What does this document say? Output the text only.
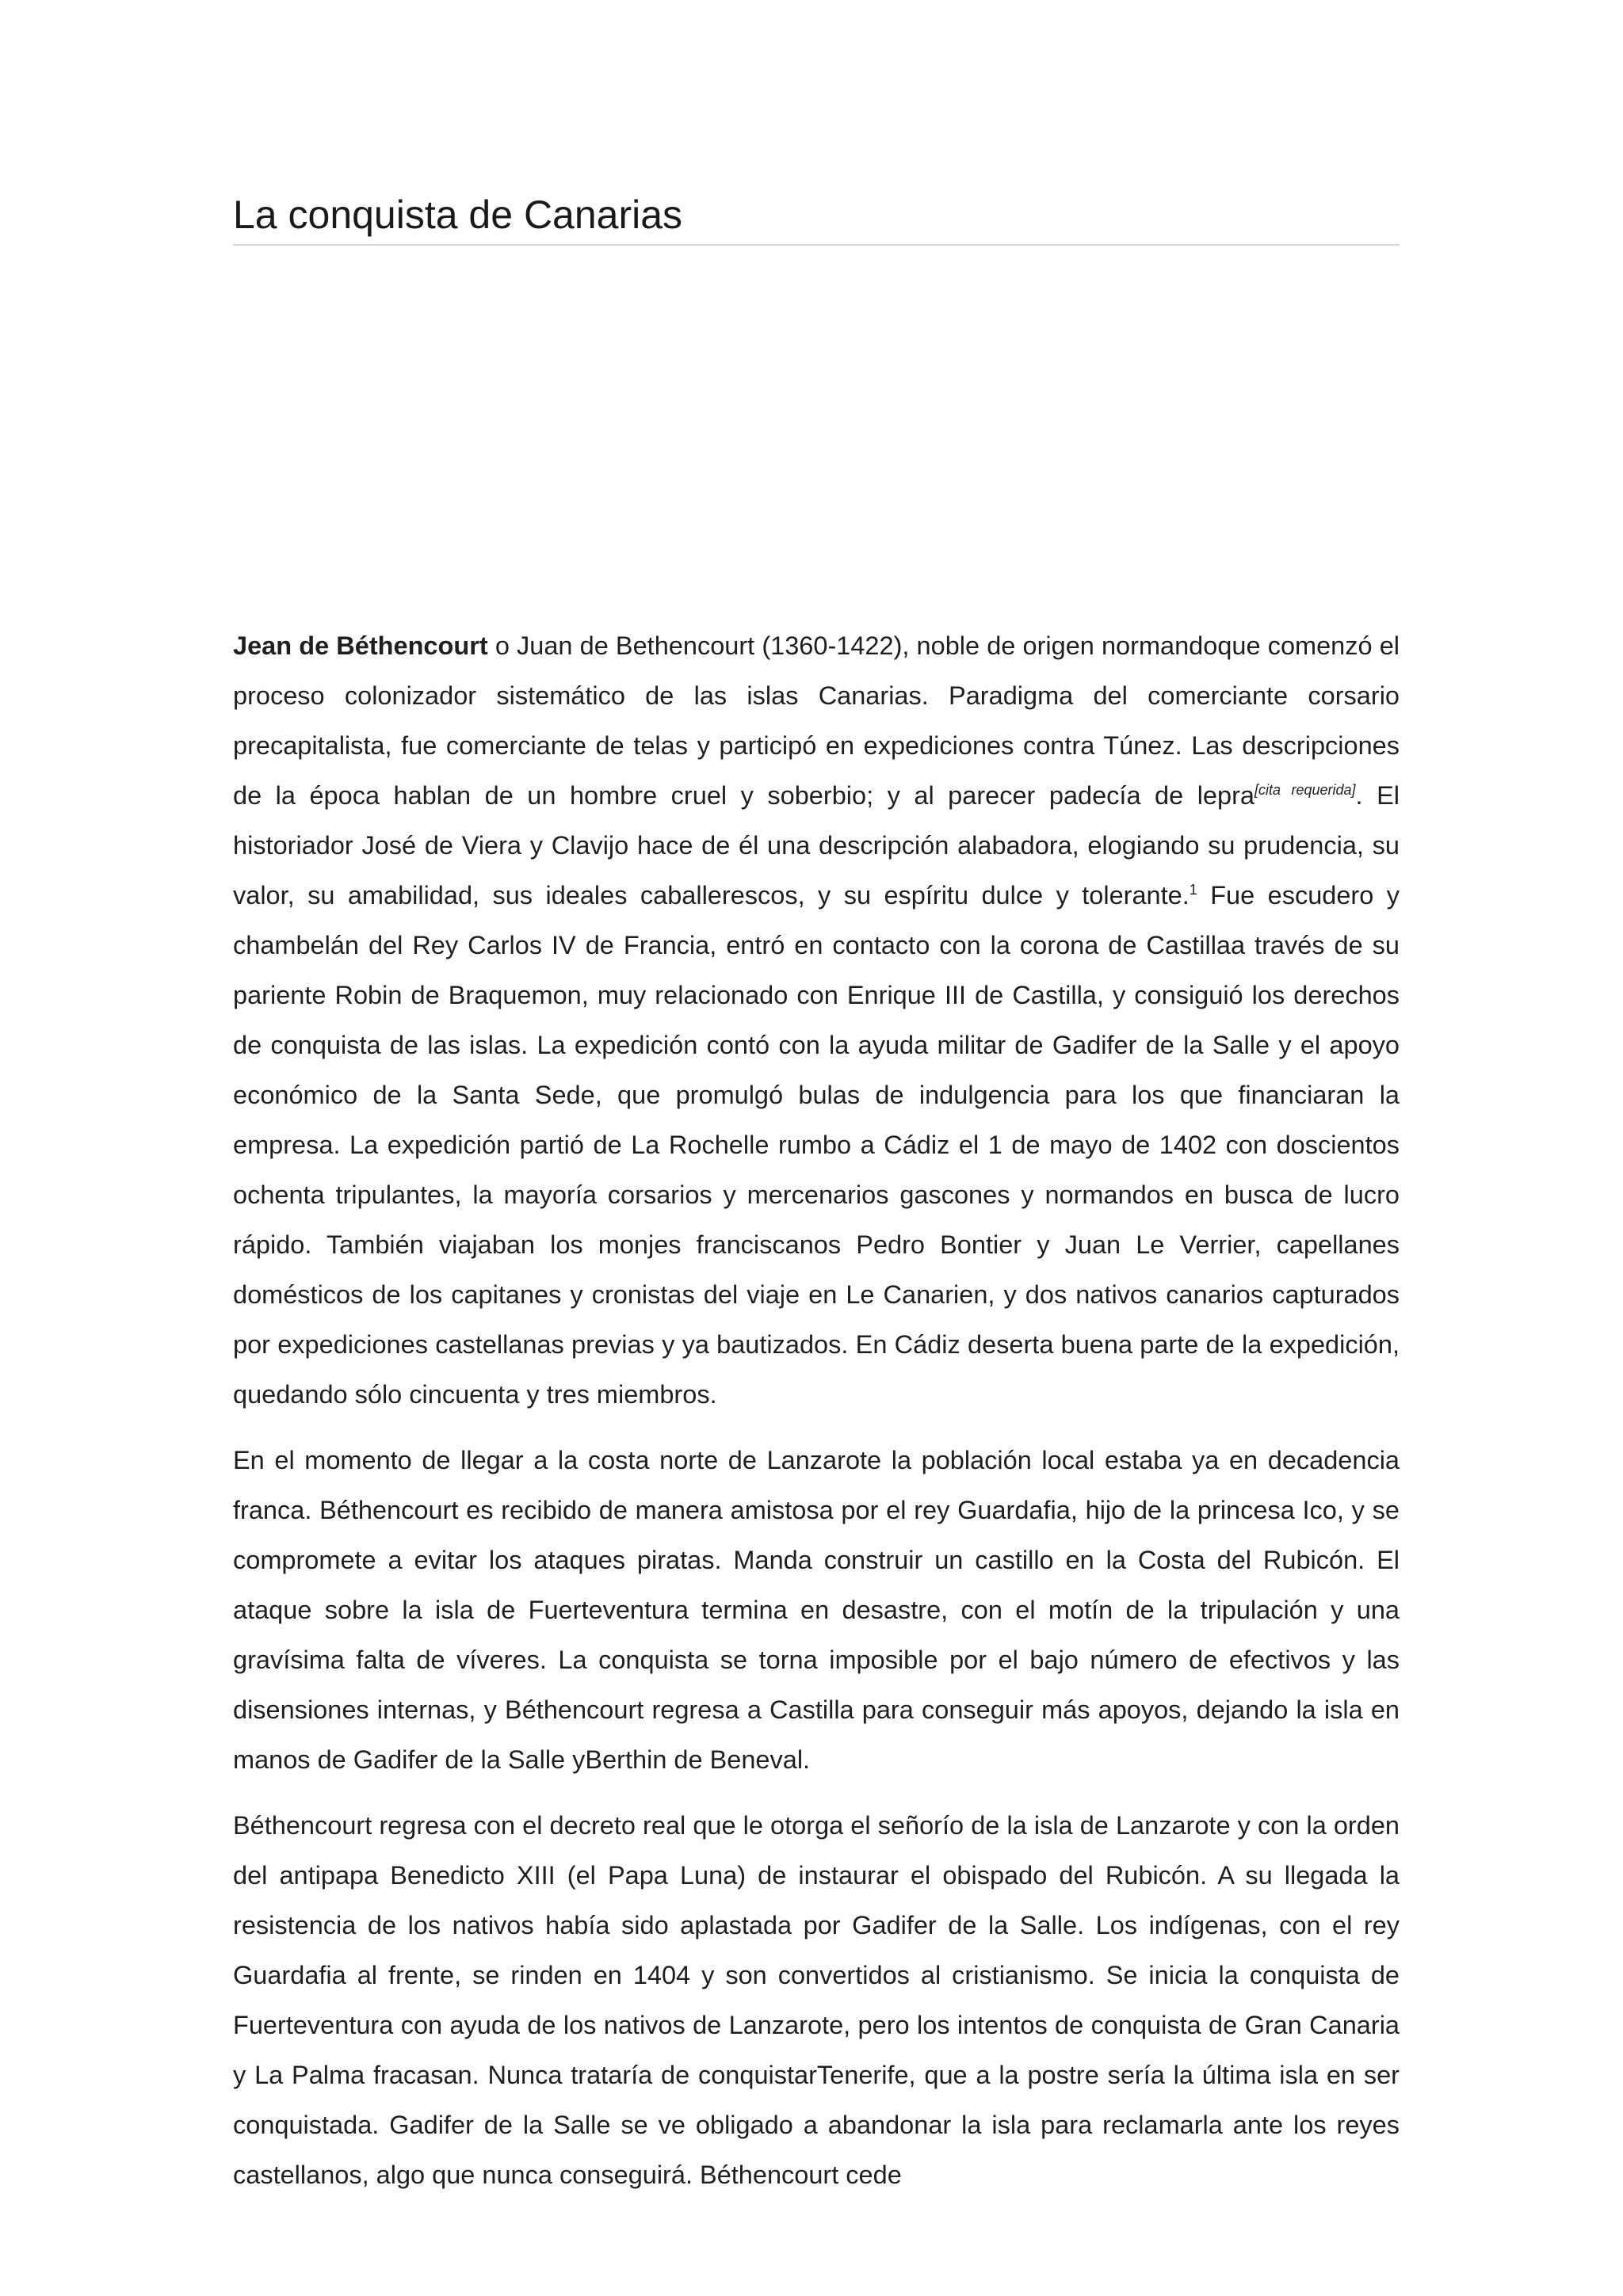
La conquista de Canarias

Jean de Béthencourt o Juan de Bethencourt (1360-1422), noble de origen normandoque comenzó el proceso colonizador sistemático de las islas Canarias. Paradigma del comerciante corsario precapitalista, fue comerciante de telas y participó en expediciones contra Túnez. Las descripciones de la época hablan de un hombre cruel y soberbio; y al parecer padecía de lepra[cita requerida]. El historiador José de Viera y Clavijo hace de él una descripción alabadora, elogiando su prudencia, su valor, su amabilidad, sus ideales caballerescos, y su espíritu dulce y tolerante.$^1$ Fue escudero y chambelán del Rey Carlos IV de Francia, entró en contacto con la corona de Castillaa través de su pariente Robin de Braquemon, muy relacionado con Enrique III de Castilla, y consiguió los derechos de conquista de las islas. La expedición contó con la ayuda militar de Gadifer de la Salle y el apoyo económico de la Santa Sede, que promulgó bulas de indulgencia para los que financiaran la empresa. La expedición partió de La Rochelle rumbo a Cádiz el 1 de mayo de 1402 con doscientos ochenta tripulantes, la mayoría corsarios y mercenarios gascones y normandos en busca de lucro rápido. También viajaban los monjes franciscanos Pedro Bontier y Juan Le Verrier, capellanes domésticos de los capitanes y cronistas del viaje en Le Canarien, y dos nativos canarios capturados por expediciones castellanas previas y ya bautizados. En Cádiz deserta buena parte de la expedición, quedando sólo cincuenta y tres miembros.

En el momento de llegar a la costa norte de Lanzarote la población local estaba ya en decadencia franca. Béthencourt es recibido de manera amistosa por el rey Guardafia, hijo de la princesa Ico, y se compromete a evitar los ataques piratas. Manda construir un castillo en la Costa del Rubicón. El ataque sobre la isla de Fuerteventura termina en desastre, con el motín de la tripulación y una gravísima falta de víveres. La conquista se torna imposible por el bajo número de efectivos y las disensiones internas, y Béthencourt regresa a Castilla para conseguir más apoyos, dejando la isla en manos de Gadifer de la Salle yBerthin de Beneval.

Béthencourt regresa con el decreto real que le otorga el señorío de la isla de Lanzarote y con la orden del antipapa Benedicto XIII (el Papa Luna) de instaurar el obispado del Rubicón. A su llegada la resistencia de los nativos había sido aplastada por Gadifer de la Salle. Los indígenas, con el rey Guardafia al frente, se rinden en 1404 y son convertidos al cristianismo. Se inicia la conquista de Fuerteventura con ayuda de los nativos de Lanzarote, pero los intentos de conquista de Gran Canaria y La Palma fracasan. Nunca trataría de conquistarTenerife, que a la postre sería la última isla en ser conquistada. Gadifer de la Salle se ve obligado a abandonar la isla para reclamarla ante los reyes castellanos, algo que nunca conseguirá. Béthencourt cede
